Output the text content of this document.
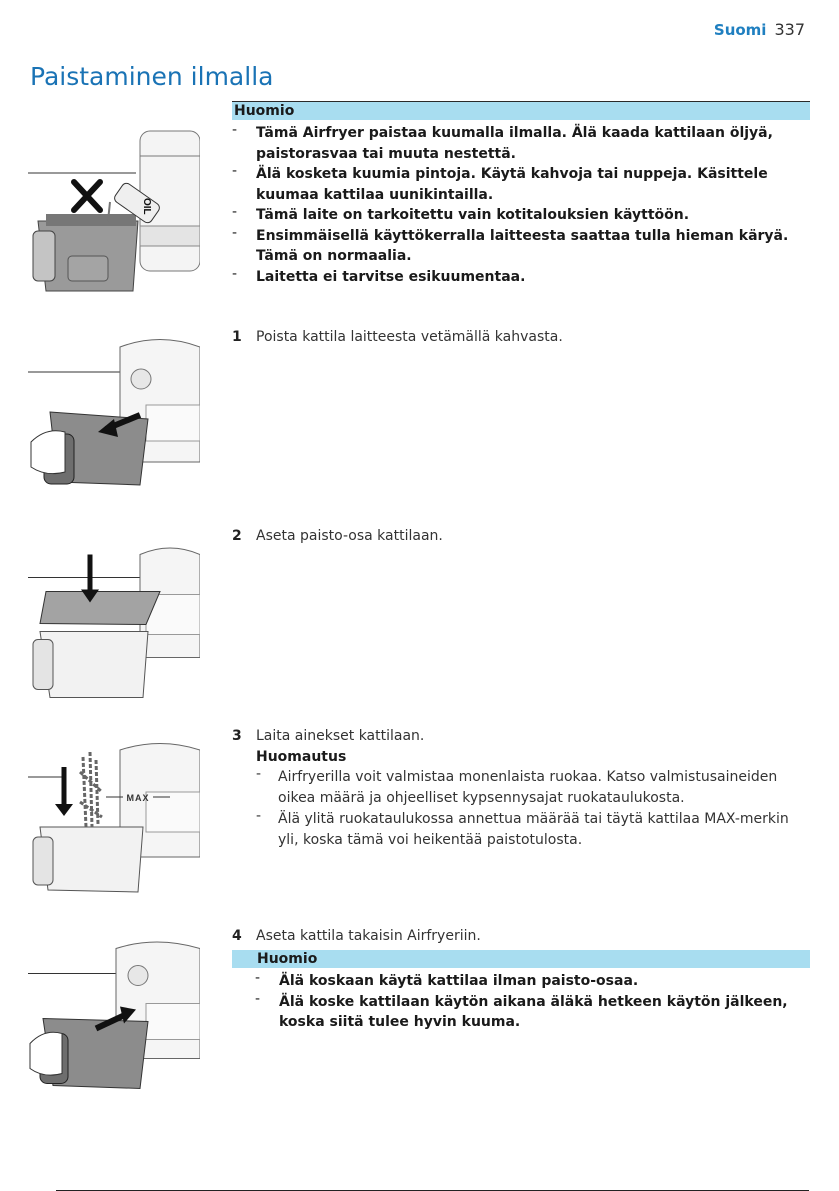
Suomi 337
Paistaminen ilmalla
OIL
Huomio
- Tämä Airfryer paistaa kuumalla ilmalla. Älä kaada kattilaan öljyä, paistorasvaa tai muuta nestettä.
- Älä kosketa kuumia pintoja. Käytä kahvoja tai nuppeja. Käsittele kuumaa kattilaa uunikintailla.
- Tämä laite on tarkoitettu vain kotitalouksien käyttöön.
- Ensimmäisellä käyttökerralla laitteesta saattaa tulla hieman käryä. Tämä on normaalia.
- Laitetta ei tarvitse esikuumentaa.
1 Poista kattila laitteesta vetämällä kahvasta.
2 Aseta paisto-osa kattilaan.
MAX
3 Laita ainekset kattilaan.
Huomautus
- Airfryerilla voit valmistaa monenlaista ruokaa. Katso valmistusaineiden oikea määrä ja ohjeelliset kypsennysajat ruokataulukosta.
- Älä ylitä ruokataulukossa annettua määrää tai täytä kattilaa MAX-merkin yli, koska tämä voi heikentää paistotulosta.
4 Aseta kattila takaisin Airfryeriin.
Huomio
- Älä koskaan käytä kattilaa ilman paisto-osaa.
- Älä koske kattilaan käytön aikana äläkä hetkeen käytön jälkeen, koska siitä tulee hyvin kuuma.
